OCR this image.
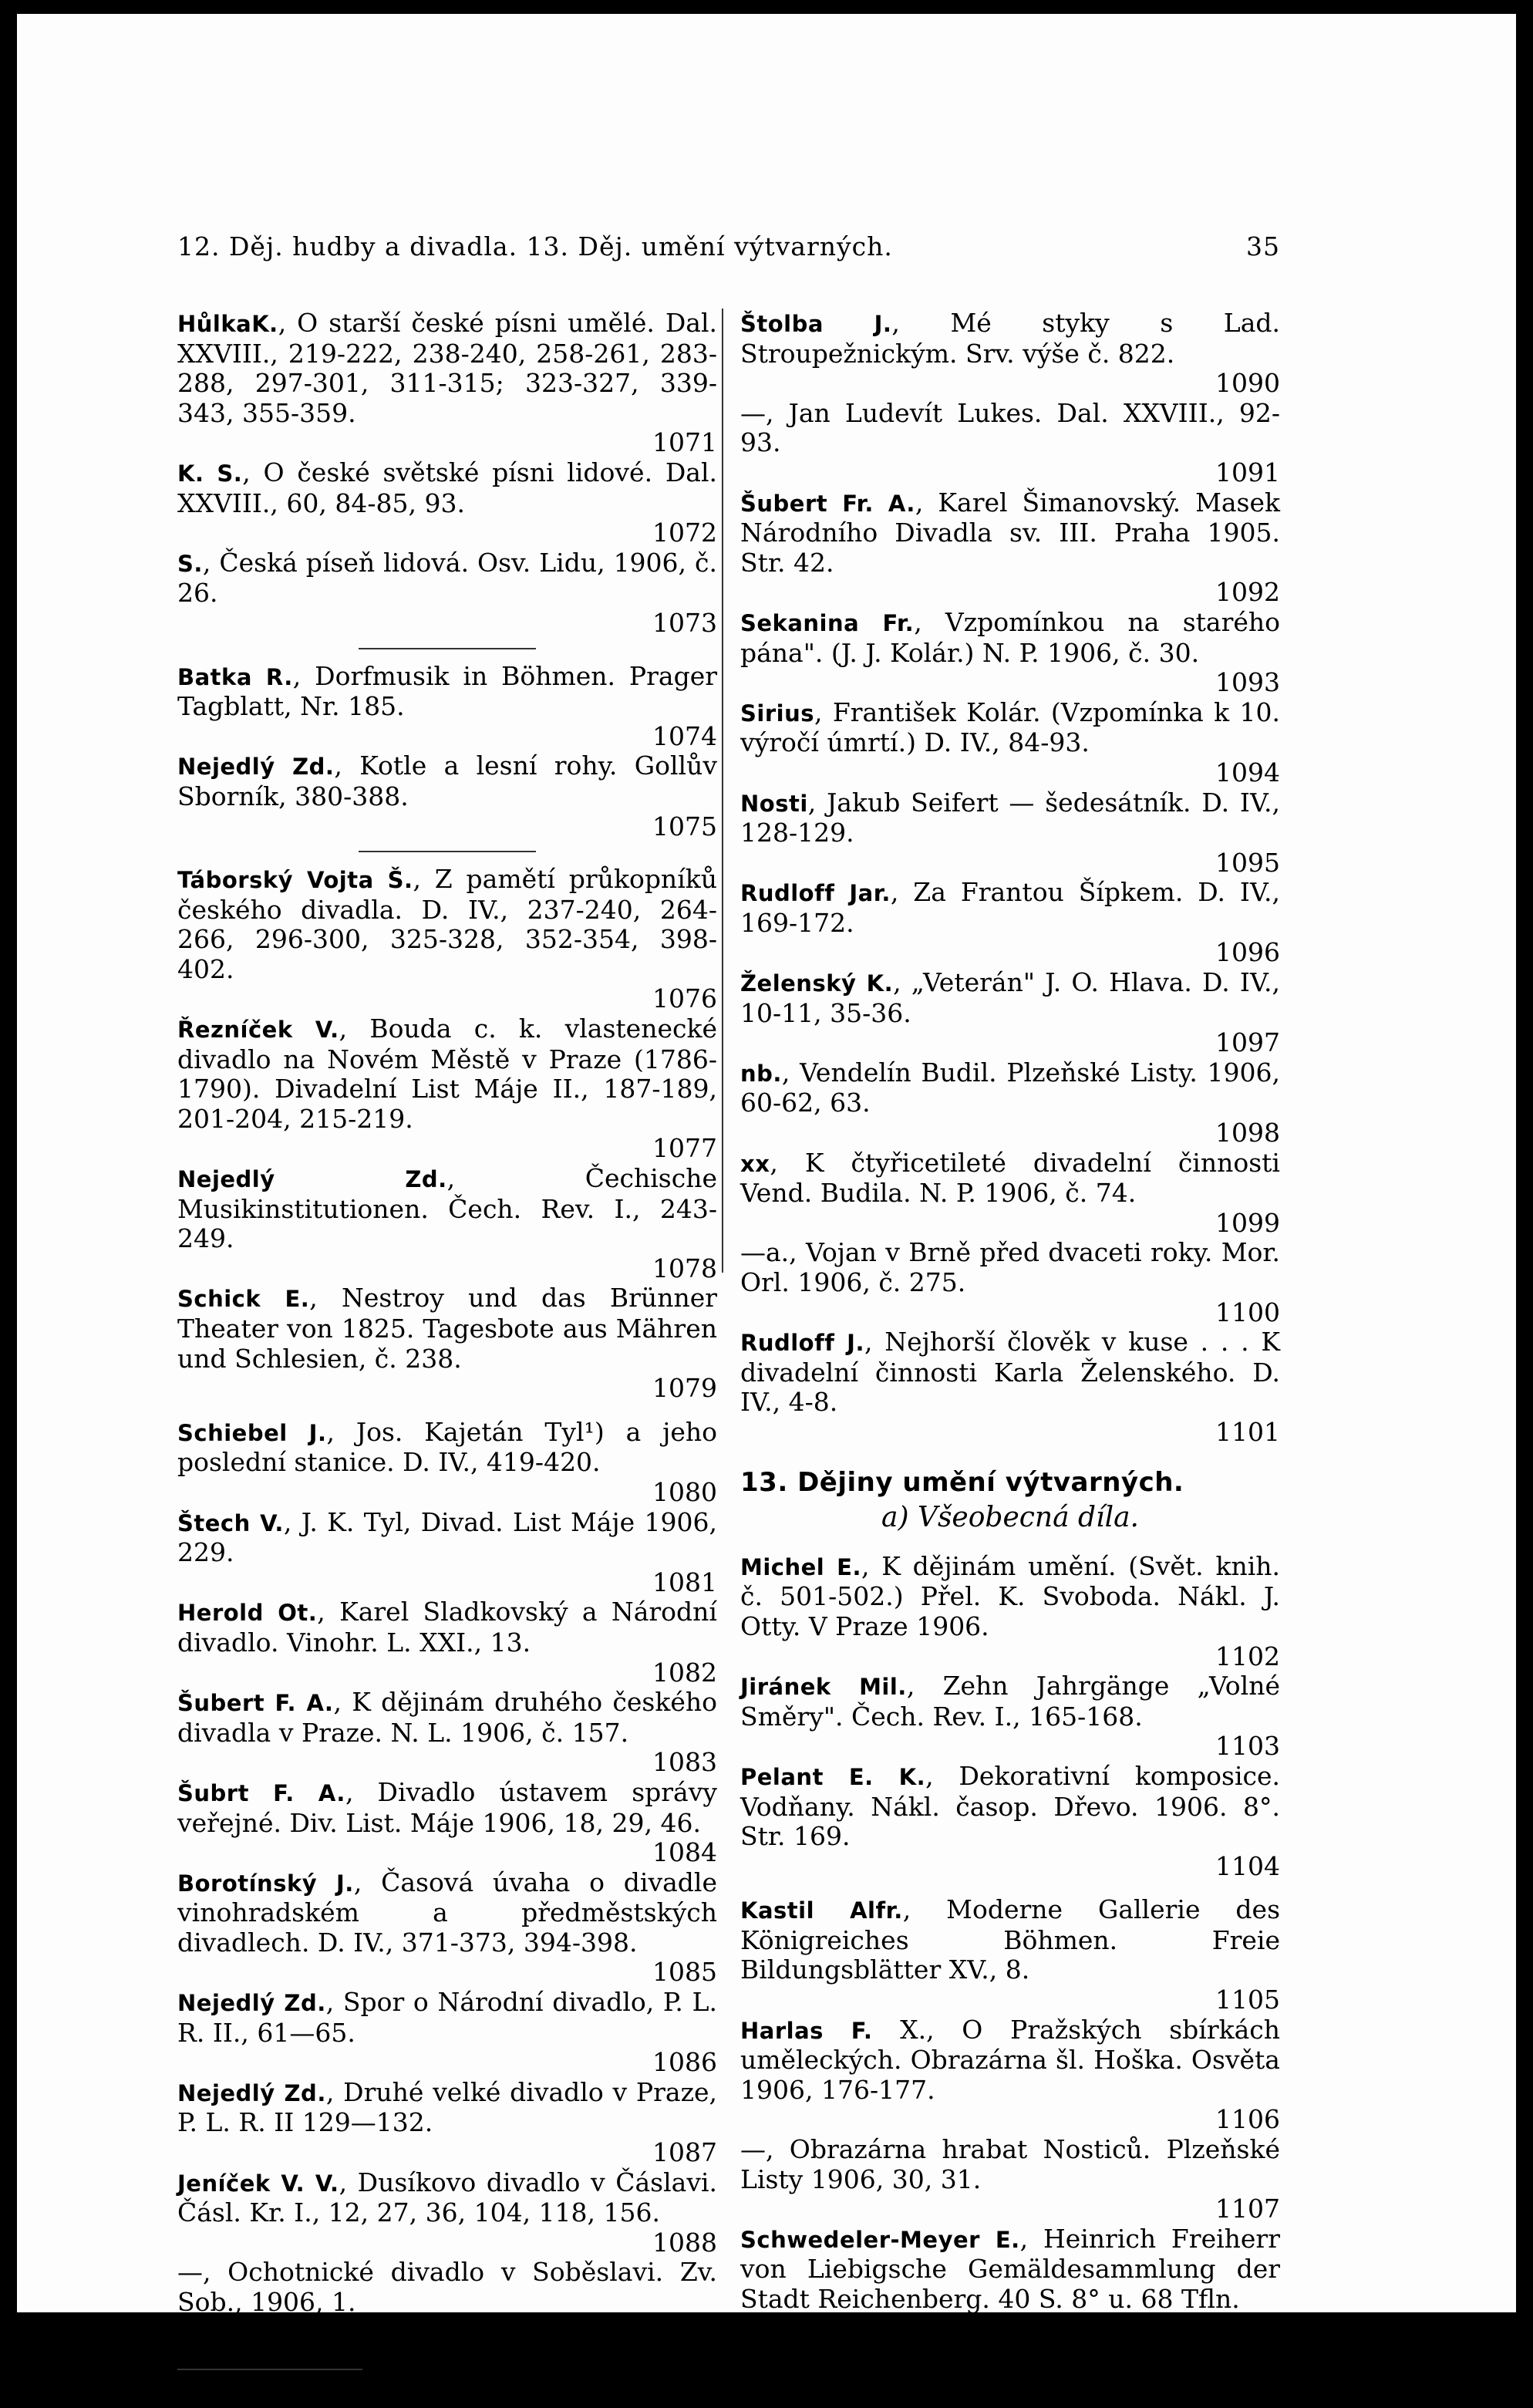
12. Děj. hudby a divadla. 13. Děj. umění výtvarných.	35

HůlkaK., O starší české písni umělé. Dal. XXVIII., 219-222, 238-240, 258-261, 283-288, 297-301, 311-315; 323-327, 339-343, 355-359.
1071

K. S., O české světské písni lidové. Dal. XXVIII., 60, 84-85, 93.
1072

S., Česká píseň lidová. Osv. Lidu, 1906, č. 26.
1073

Batka R., Dorfmusik in Böhmen. Prager Tagblatt, Nr. 185.
1074

Nejedlý Zd., Kotle a lesní rohy. Gollův Sborník, 380-388.
1075

Táborský Vojta Š., Z pamětí průkopníků českého divadla. D. IV., 237-240, 264-266, 296-300, 325-328, 352-354, 398-402.
1076

Řezníček V., Bouda c. k. vlastenecké divadlo na Novém Městě v Praze (1786-1790). Divadelní List Máje II., 187-189, 201-204, 215-219.
1077

Nejedlý Zd., Čechische Musikinstitutionen. Čech. Rev. I., 243-249.
1078

Schick E., Nestroy und das Brünner Theater von 1825. Tagesbote aus Mähren und Schlesien, č. 238.
1079

Schiebel J., Jos. Kajetán Tyl¹) a jeho poslední stanice. D. IV., 419-420.
1080

Štech V., J. K. Tyl, Divad. List Máje 1906, 229.
1081

Herold Ot., Karel Sladkovský a Národní divadlo. Vinohr. L. XXI., 13.
1082

Šubert F. A., K dějinám druhého českého divadla v Praze. N. L. 1906, č. 157.
1083

Šubrt F. A., Divadlo ústavem správy veřejné. Div. List. Máje 1906, 18, 29, 46.
1084

Borotínský J., Časová úvaha o divadle vinohradském a předměstských divadlech. D. IV., 371-373, 394-398.
1085

Nejedlý Zd., Spor o Národní divadlo, P. L. R. II., 61—65.
1086

Nejedlý Zd., Druhé velké divadlo v Praze, P. L. R. II 129—132.
1087

Jeníček V. V., Dusíkovo divadlo v Čáslavi. Čásl. Kr. I., 12, 27, 36, 104, 118, 156.
1088

—, Ochotnické divadlo v Soběslavi. Zv. Sob., 1906, 1.
1089

¹) Srv. výše č. 831-837.

Štolba J., Mé styky s Lad. Stroupežnickým. Srv. výše č. 822.
1090

—, Jan Ludevít Lukes. Dal. XXVIII., 92-93.
1091

Šubert Fr. A., Karel Šimanovský. Masek Národního Divadla sv. III. Praha 1905. Str. 42.
1092

Sekanina Fr., Vzpomínkou na starého pána". (J. J. Kolár.) N. P. 1906, č. 30.
1093

Sirius, František Kolár. (Vzpomínka k 10. výročí úmrtí.) D. IV., 84-93.
1094

Nosti, Jakub Seifert — šedesátník. D. IV., 128-129.
1095

Rudloff Jar., Za Frantou Šípkem. D. IV., 169-172.
1096

Želenský K., „Veterán" J. O. Hlava. D. IV., 10-11, 35-36.
1097

nb., Vendelín Budil. Plzeňské Listy. 1906, 60-62, 63.
1098

xx, K čtyřicetileté divadelní činnosti Vend. Budila. N. P. 1906, č. 74.
1099

—a., Vojan v Brně před dvaceti roky. Mor. Orl. 1906, č. 275.
1100

Rudloff J., Nejhorší člověk v kuse . . . K divadelní činnosti Karla Želenského. D. IV., 4-8.
1101

13. Dějiny umění výtvarných.
a) Všeobecná díla.

Michel E., K dějinám umění. (Svět. knih. č. 501-502.) Přel. K. Svoboda. Nákl. J. Otty. V Praze 1906.
1102

Jiránek Mil., Zehn Jahrgänge „Volné Směry". Čech. Rev. I., 165-168.
1103

Pelant E. K., Dekorativní komposice. Vodňany. Nákl. časop. Dřevo. 1906. 8°. Str. 169.
1104

Kastil Alfr., Moderne Gallerie des Königreiches Böhmen. Freie Bildungsblätter XV., 8.
1105

Harlas F. X., O Pražských sbírkách uměleckých. Obrazárna šl. Hoška. Osvěta 1906, 176-177.
1106

—, Obrazárna hrabat Nosticů. Plzeňské Listy 1906, 30, 31.
1107

Schwedeler-Meyer E., Heinrich Freiherr von Liebigsche Gemäldesammlung der Stadt Reichenberg. 40 S. 8° u. 68 Tfln.
1108
